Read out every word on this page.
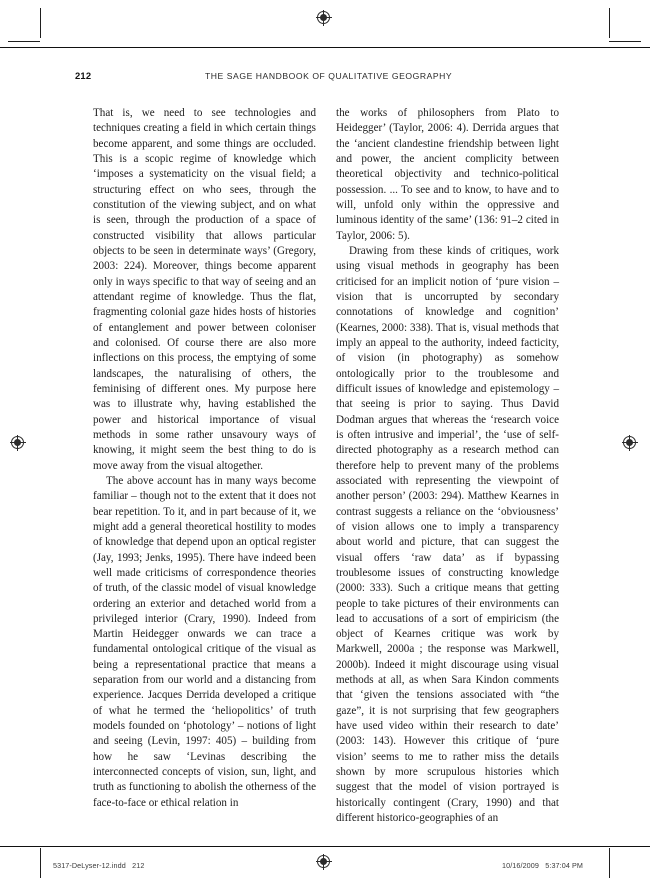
212	THE SAGE HANDBOOK OF QUALITATIVE GEOGRAPHY

That is, we need to see technologies and techniques creating a field in which certain things become apparent, and some things are occluded. This is a scopic regime of knowledge which ‘imposes a systematicity on the visual field; a structuring effect on who sees, through the constitution of the viewing subject, and on what is seen, through the production of a space of constructed visibility that allows particular objects to be seen in determinate ways’ (Gregory, 2003: 224). Moreover, things become apparent only in ways specific to that way of seeing and an attendant regime of knowledge. Thus the flat, fragmenting colonial gaze hides hosts of histories of entanglement and power between coloniser and colonised. Of course there are also more inflections on this process, the emptying of some landscapes, the naturalising of others, the feminising of different ones. My purpose here was to illustrate why, having established the power and historical importance of visual methods in some rather unsavoury ways of knowing, it might seem the best thing to do is move away from the visual altogether.

The above account has in many ways become familiar – though not to the extent that it does not bear repetition. To it, and in part because of it, we might add a general theoretical hostility to modes of knowledge that depend upon an optical register (Jay, 1993; Jenks, 1995). There have indeed been well made criticisms of correspondence theories of truth, of the classic model of visual knowledge ordering an exterior and detached world from a privileged interior (Crary, 1990). Indeed from Martin Heidegger onwards we can trace a fundamental ontological critique of the visual as being a representational practice that means a separation from our world and a distancing from experience. Jacques Derrida developed a critique of what he termed the ‘heliopolitics’ of truth models founded on ‘photology’ – notions of light and seeing (Levin, 1997: 405) – building from how he saw ‘Levinas describing the interconnected concepts of vision, sun, light, and truth as functioning to abolish the otherness of the face-to-face or ethical relation in

the works of philosophers from Plato to Heidegger’ (Taylor, 2006: 4). Derrida argues that the ‘ancient clandestine friendship between light and power, the ancient complicity between theoretical objectivity and technico-political possession. ... To see and to know, to have and to will, unfold only within the oppressive and luminous identity of the same’ (136: 91–2 cited in Taylor, 2006: 5).

Drawing from these kinds of critiques, work using visual methods in geography has been criticised for an implicit notion of ‘pure vision – vision that is uncorrupted by secondary connotations of knowledge and cognition’ (Kearnes, 2000: 338). That is, visual methods that imply an appeal to the authority, indeed facticity, of vision (in photography) as somehow ontologically prior to the troublesome and difficult issues of knowledge and epistemology – that seeing is prior to saying. Thus David Dodman argues that whereas the ‘research voice is often intrusive and imperial’, the ‘use of self-directed photography as a research method can therefore help to prevent many of the problems associated with representing the viewpoint of another person’ (2003: 294). Matthew Kearnes in contrast suggests a reliance on the ‘obviousness’ of vision allows one to imply a transparency about world and picture, that can suggest the visual offers ‘raw data’ as if bypassing troublesome issues of constructing knowledge (2000: 333). Such a critique means that getting people to take pictures of their environments can lead to accusations of a sort of empiricism (the object of Kearnes critique was work by Markwell, 2000a ; the response was Markwell, 2000b). Indeed it might discourage using visual methods at all, as when Sara Kindon comments that ‘given the tensions associated with “the gaze”, it is not surprising that few geographers have used video within their research to date’ (2003: 143). However this critique of ‘pure vision’ seems to me to rather miss the details shown by more scrupulous histories which suggest that the model of vision portrayed is historically contingent (Crary, 1990) and that different historico-geographies of an

5317-DeLyser-12.indd   212	10/16/2009   5:37:04 PM
